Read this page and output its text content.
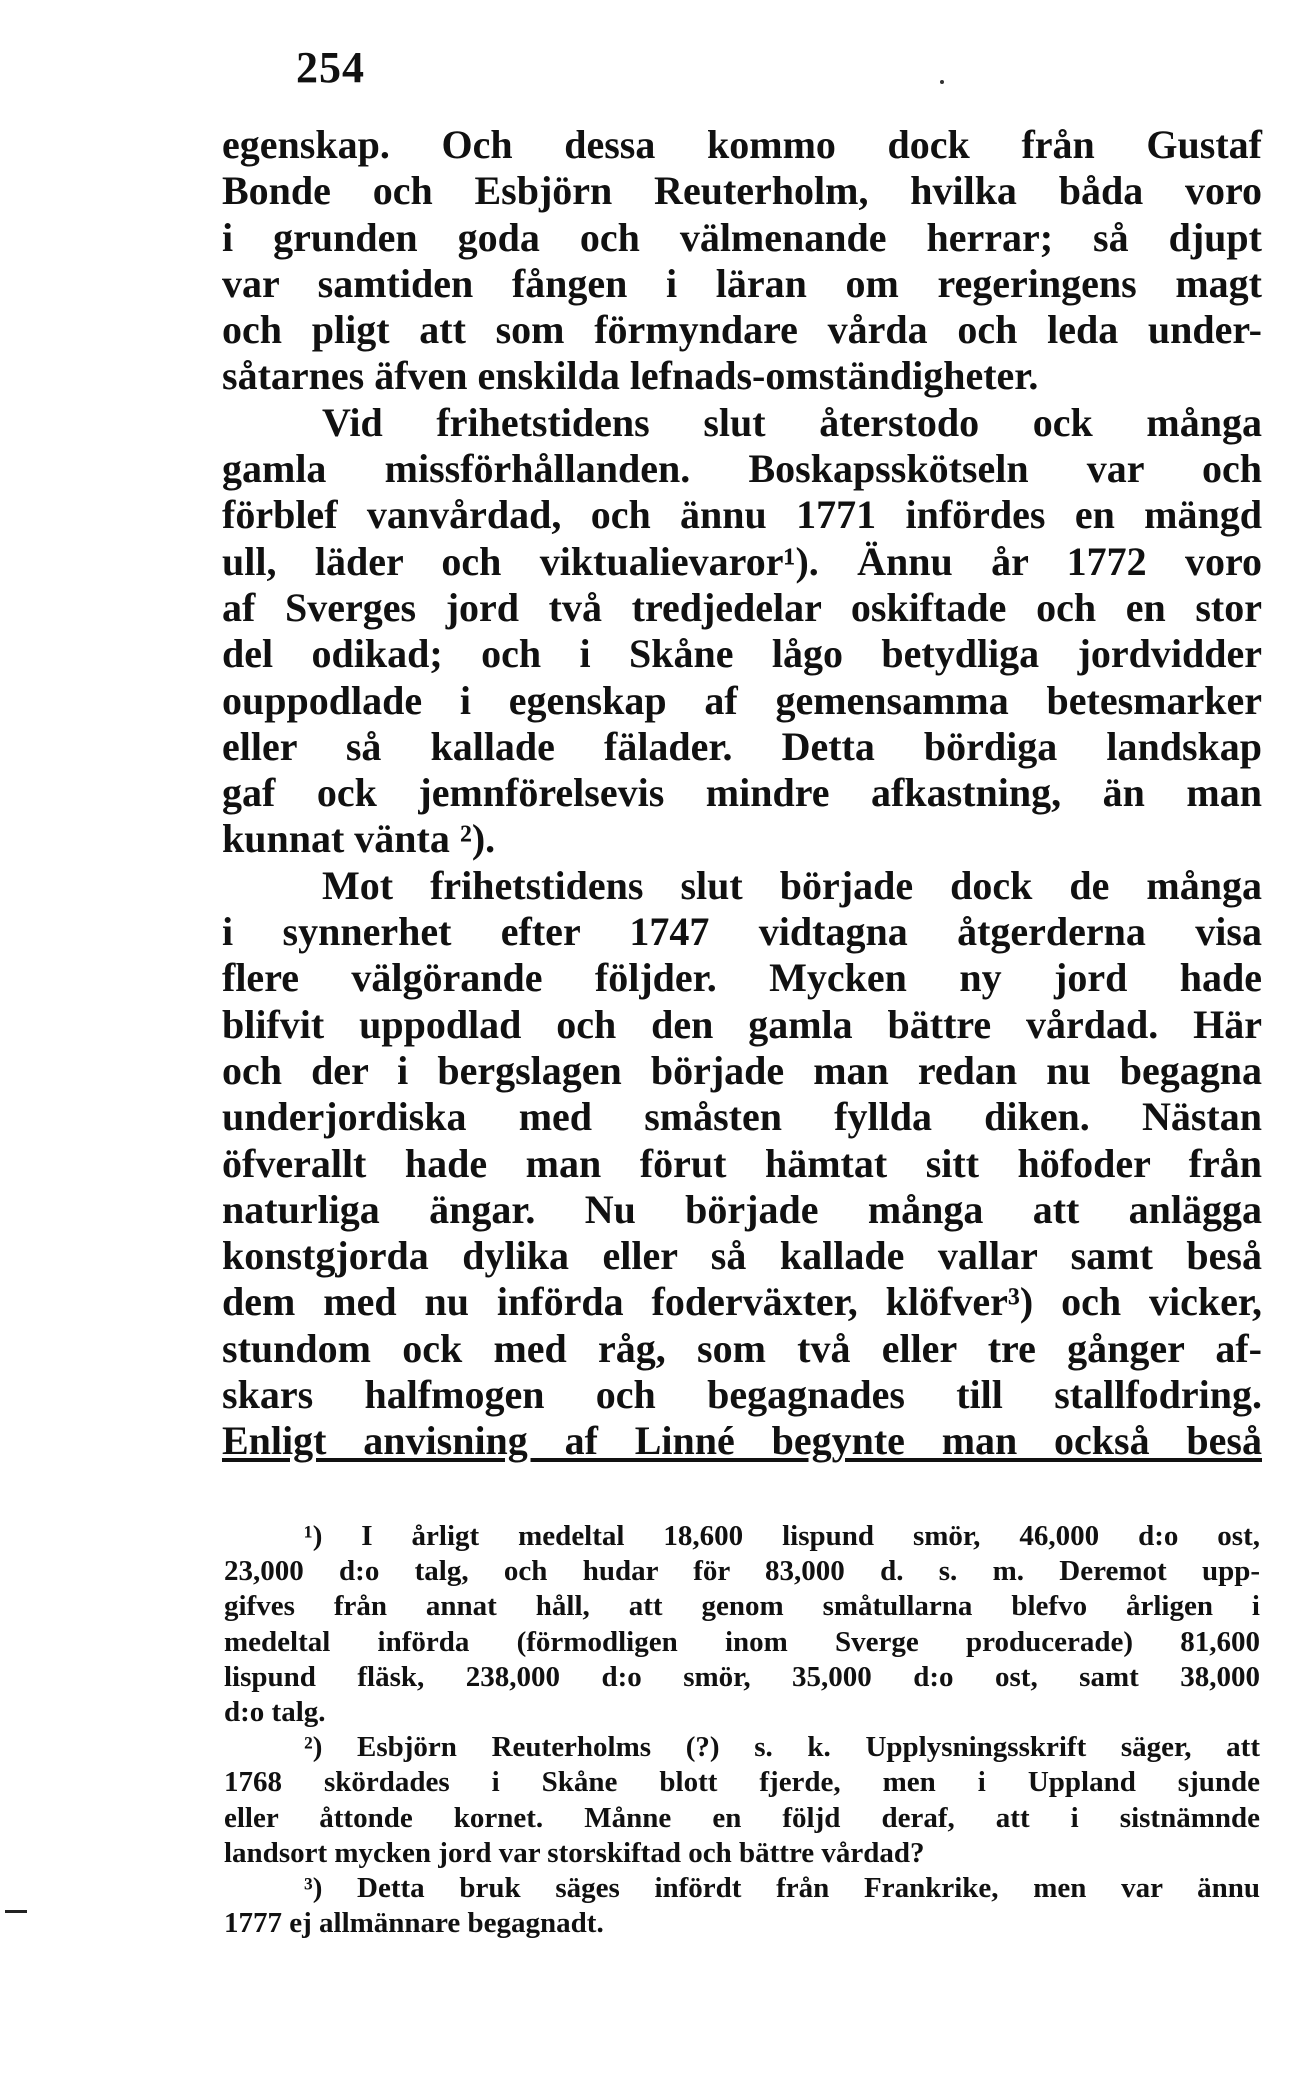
254
egenskap. Och dessa kommo dock från Gustaf
Bonde och Esbjörn Reuterholm, hvilka båda voro
i grunden goda och välmenande herrar; så djupt
var samtiden fången i läran om regeringens magt
och pligt att som förmyndare vårda och leda under-
såtarnes äfven enskilda lefnads-omständigheter.
Vid frihetstidens slut återstodo ock många
gamla missförhållanden. Boskapsskötseln var och
förblef vanvårdad, och ännu 1771 infördes en mängd
ull, läder och viktualievaror¹). Ännu år 1772 voro
af Sverges jord två tredjedelar oskiftade och en stor
del odikad; och i Skåne lågo betydliga jordvidder
ouppodlade i egenskap af gemensamma betesmarker
eller så kallade fälader. Detta bördiga landskap
gaf ock jemnförelsevis mindre afkastning, än man
kunnat vänta ²).
Mot frihetstidens slut började dock de många
i synnerhet efter 1747 vidtagna åtgerderna visa
flere välgörande följder. Mycken ny jord hade
blifvit uppodlad och den gamla bättre vårdad. Här
och der i bergslagen började man redan nu begagna
underjordiska med småsten fyllda diken. Nästan
öfverallt hade man förut hämtat sitt höfoder från
naturliga ängar. Nu började många att anlägga
konstgjorda dylika eller så kallade vallar samt beså
dem med nu införda foderväxter, klöfver³) och vicker,
stundom ock med råg, som två eller tre gånger af-
skars halfmogen och begagnades till stallfodring.
Enligt anvisning af Linné begynte man också beså
¹) I årligt medeltal 18,600 lispund smör, 46,000 d:o ost,
23,000 d:o talg, och hudar för 83,000 d. s. m. Deremot upp-
gifves från annat håll, att genom småtullarna blefvo årligen i
medeltal införda (förmodligen inom Sverge producerade) 81,600
lispund fläsk, 238,000 d:o smör, 35,000 d:o ost, samt 38,000
d:o talg.
²) Esbjörn Reuterholms (?) s. k. Upplysningsskrift säger, att
1768 skördades i Skåne blott fjerde, men i Uppland sjunde
eller åttonde kornet. Månne en följd deraf, att i sistnämnde
landsort mycken jord var storskiftad och bättre vårdad?
³) Detta bruk säges infördt från Frankrike, men var ännu
1777 ej allmännare begagnadt.
